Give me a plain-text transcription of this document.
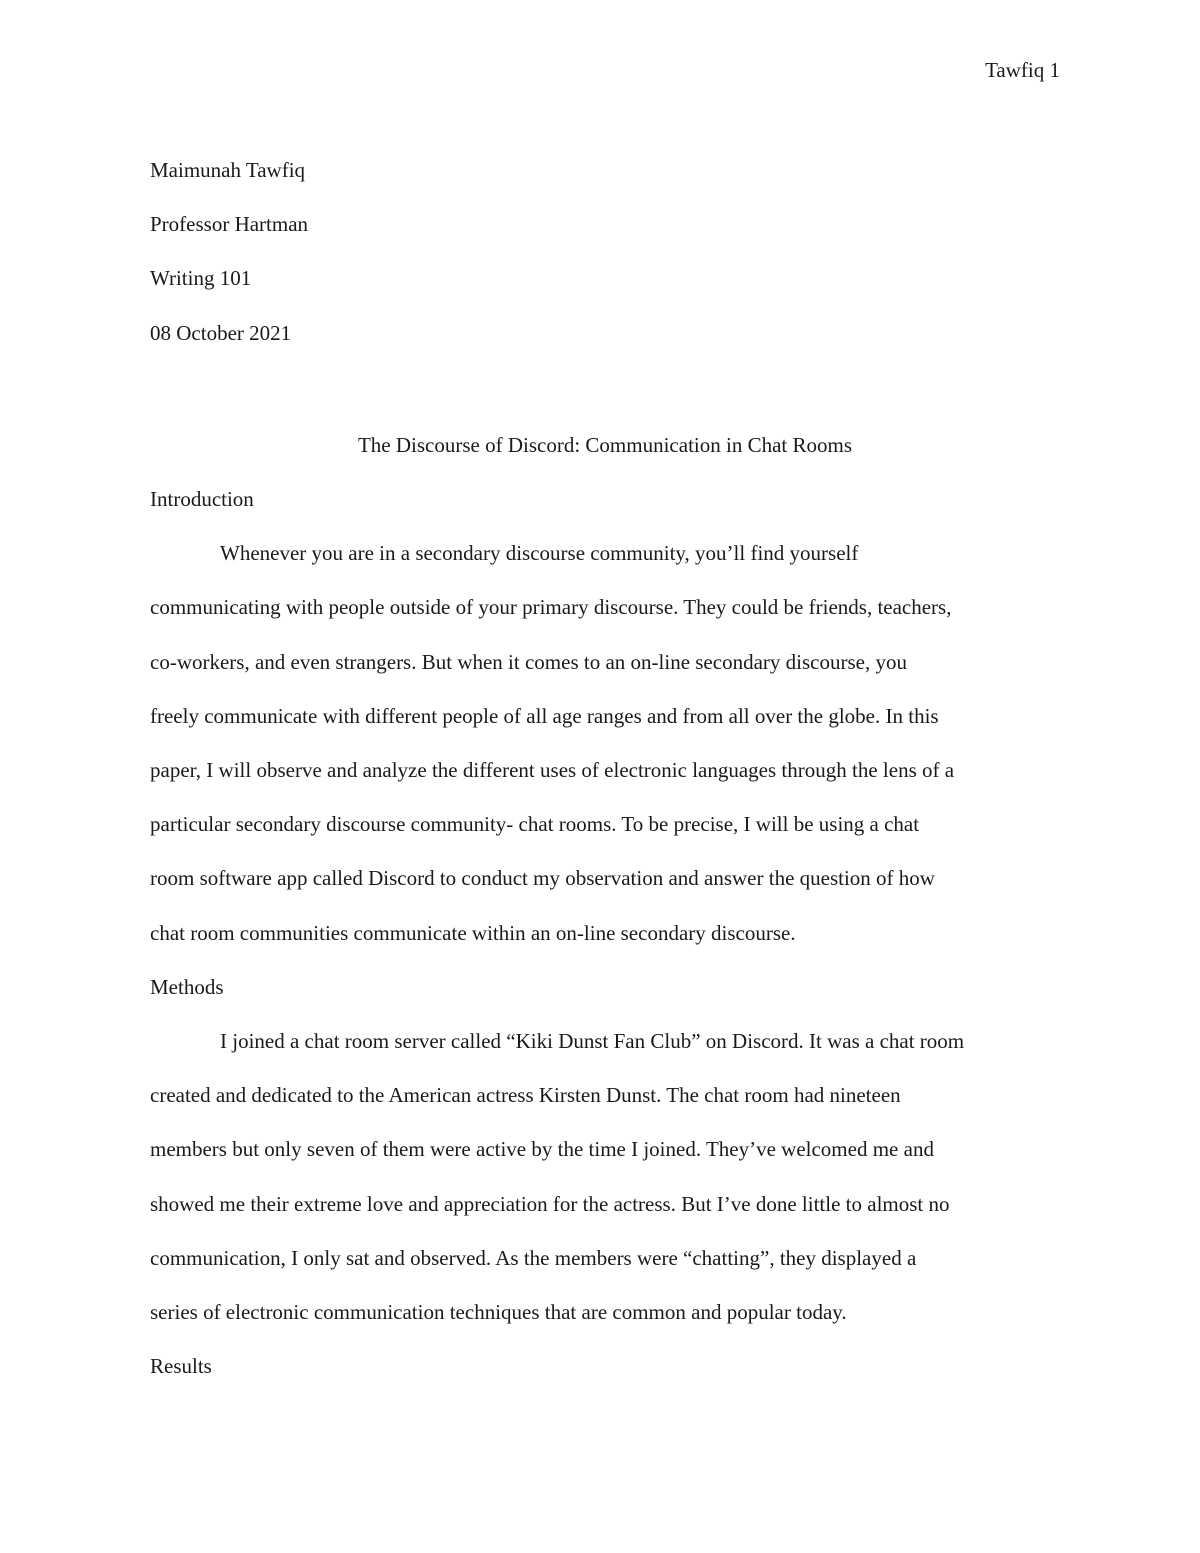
Tawfiq 1
Maimunah Tawfiq
Professor Hartman
Writing 101
08 October 2021
The Discourse of Discord: Communication in Chat Rooms
Introduction
Whenever you are in a secondary discourse community, you’ll find yourself
communicating with people outside of your primary discourse. They could be friends, teachers,
co-workers, and even strangers. But when it comes to an on-line secondary discourse, you
freely communicate with different people of all age ranges and from all over the globe. In this
paper, I will observe and analyze the different uses of electronic languages through the lens of a
particular secondary discourse community- chat rooms. To be precise, I will be using a chat
room software app called Discord to conduct my observation and answer the question of how
chat room communities communicate within an on-line secondary discourse.
Methods
I joined a chat room server called “Kiki Dunst Fan Club” on Discord. It was a chat room
created and dedicated to the American actress Kirsten Dunst. The chat room had nineteen
members but only seven of them were active by the time I joined. They’ve welcomed me and
showed me their extreme love and appreciation for the actress. But I’ve done little to almost no
communication, I only sat and observed. As the members were “chatting”, they displayed a
series of electronic communication techniques that are common and popular today.
Results
